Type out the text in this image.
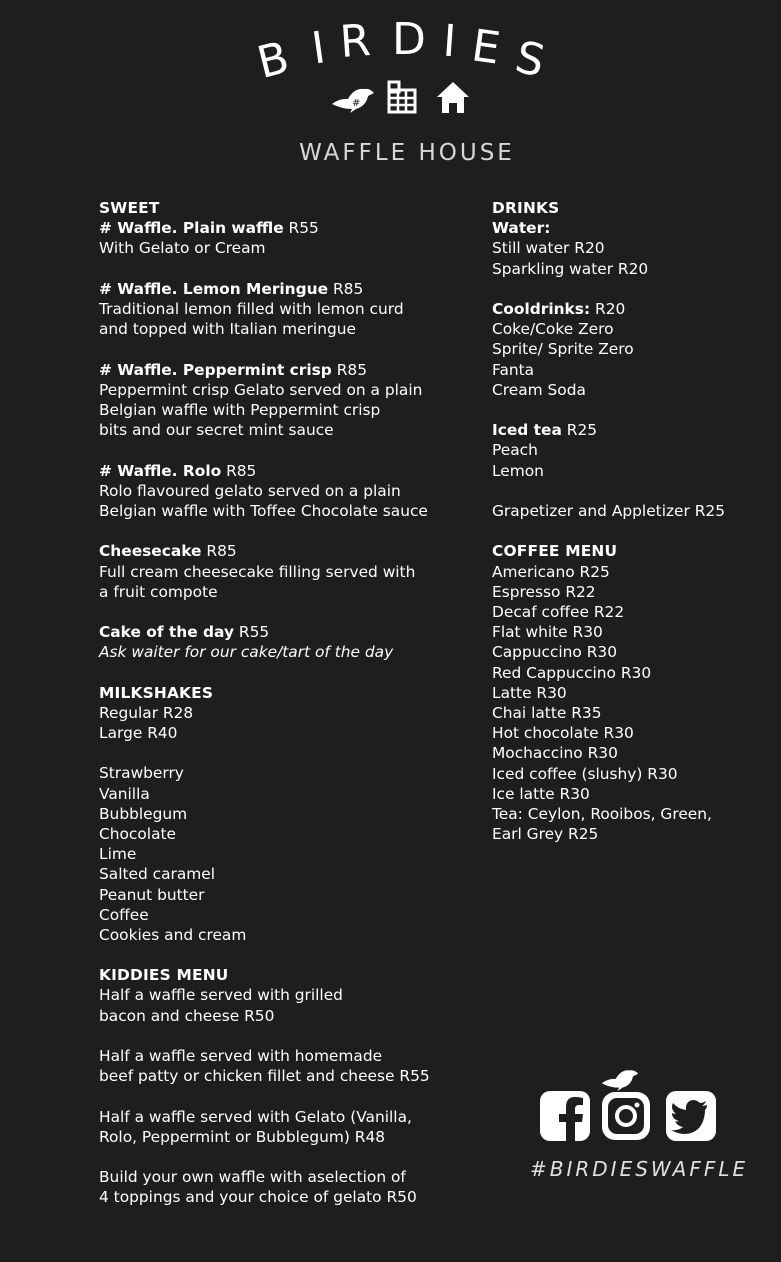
B I R D I E S
#
WAFFLE HOUSE
SWEET
# Waffle. Plain waffle R55
With Gelato or Cream
# Waffle. Lemon Meringue R85
Traditional lemon filled with lemon curd
and topped with Italian meringue
# Waffle. Peppermint crisp R85
Peppermint crisp Gelato served on a plain
Belgian waffle with Peppermint crisp
bits and our secret mint sauce
# Waffle. Rolo R85
Rolo flavoured gelato served on a plain
Belgian waffle with Toffee Chocolate sauce
Cheesecake R85
Full cream cheesecake filling served with
a fruit compote
Cake of the day R55
Ask waiter for our cake/tart of the day
MILKSHAKES
Regular R28
Large R40
Strawberry
Vanilla
Bubblegum
Chocolate
Lime
Salted caramel
Peanut butter
Coffee
Cookies and cream
KIDDIES MENU
Half a waffle served with grilled
bacon and cheese R50
Half a waffle served with homemade
beef patty or chicken fillet and cheese R55
Half a waffle served with Gelato (Vanilla,
Rolo, Peppermint or Bubblegum) R48
Build your own waffle with aselection of
4 toppings and your choice of gelato R50
DRINKS
Water:
Still water R20
Sparkling water R20
Cooldrinks: R20
Coke/Coke Zero
Sprite/ Sprite Zero
Fanta
Cream Soda
Iced tea R25
Peach
Lemon
Grapetizer and Appletizer R25
COFFEE MENU
Americano R25
Espresso R22
Decaf coffee R22
Flat white R30
Cappuccino R30
Red Cappuccino R30
Latte R30
Chai latte R35
Hot chocolate R30
Mochaccino R30
Iced coffee (slushy) R30
Ice latte R30
Tea: Ceylon, Rooibos, Green,
Earl Grey R25
#BIRDIESWAFFLE
